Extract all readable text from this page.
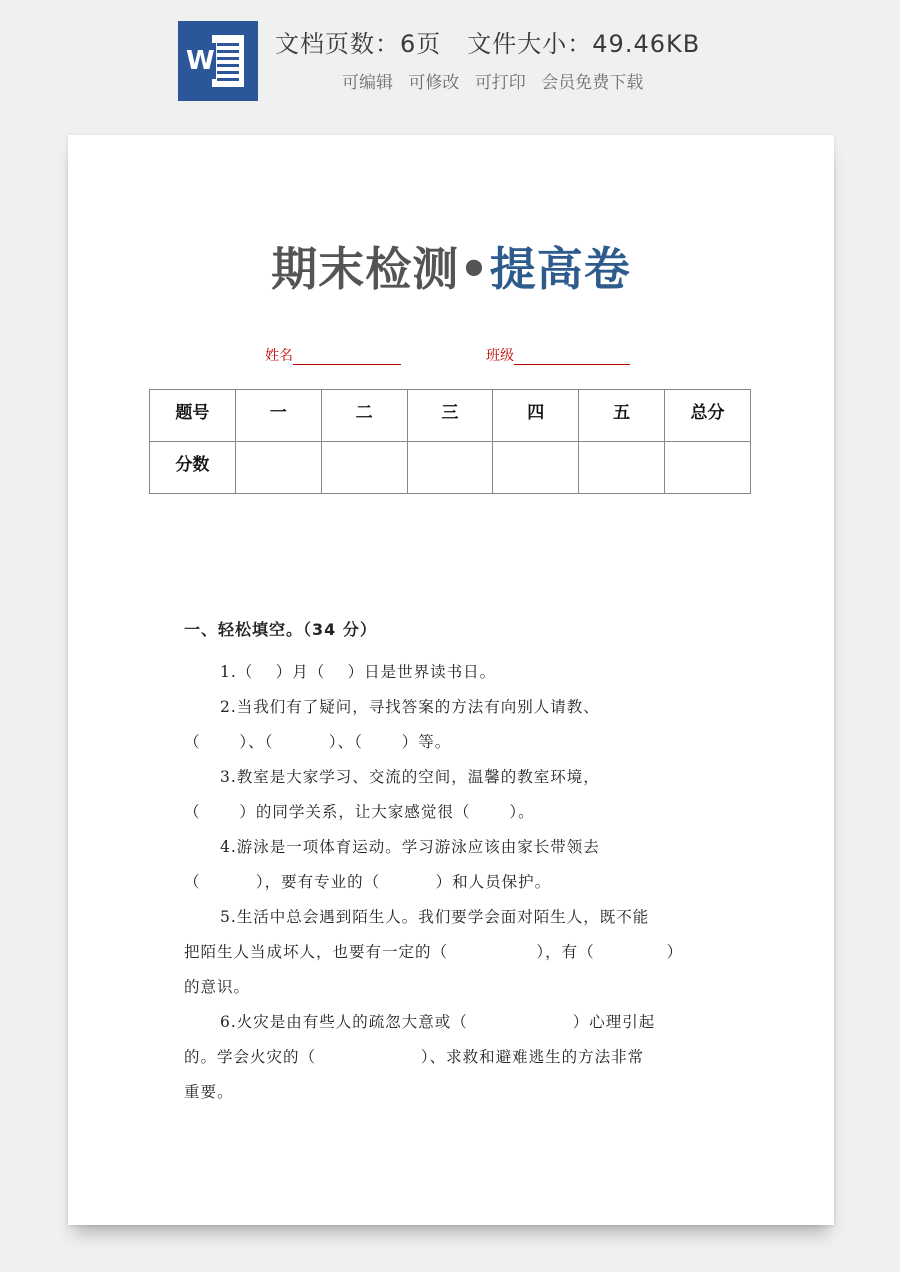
W
文档页数：6页 文件大小：49.46KB
可编辑 可修改 可打印 会员免费下载
期末检测•提高卷
姓名	班级
题号	一	二	三	四	五	总分
分数						
一、轻松填空。（34 分）
1.（　 ）月（　 ）日是世界读书日。
2.当我们有了疑问，寻找答案的方法有向别人请教、
（　　 ）、（　　　 ）、（　　 ）等。
3.教室是大家学习、交流的空间，温馨的教室环境，
（　　 ）的同学关系，让大家感觉很（　　 ）。
4.游泳是一项体育运动。学习游泳应该由家长带领去
（　　　 ），要有专业的（　　　 ）和人员保护。
5.生活中总会遇到陌生人。我们要学会面对陌生人，既不能
把陌生人当成坏人，也要有一定的（　　　　　 ），有（　　　　 ）
的意识。
6.火灾是由有些人的疏忽大意或（　　　　　　 ）心理引起
的。学会火灾的（　　　　　　 ）、求救和避难逃生的方法非常
重要。
